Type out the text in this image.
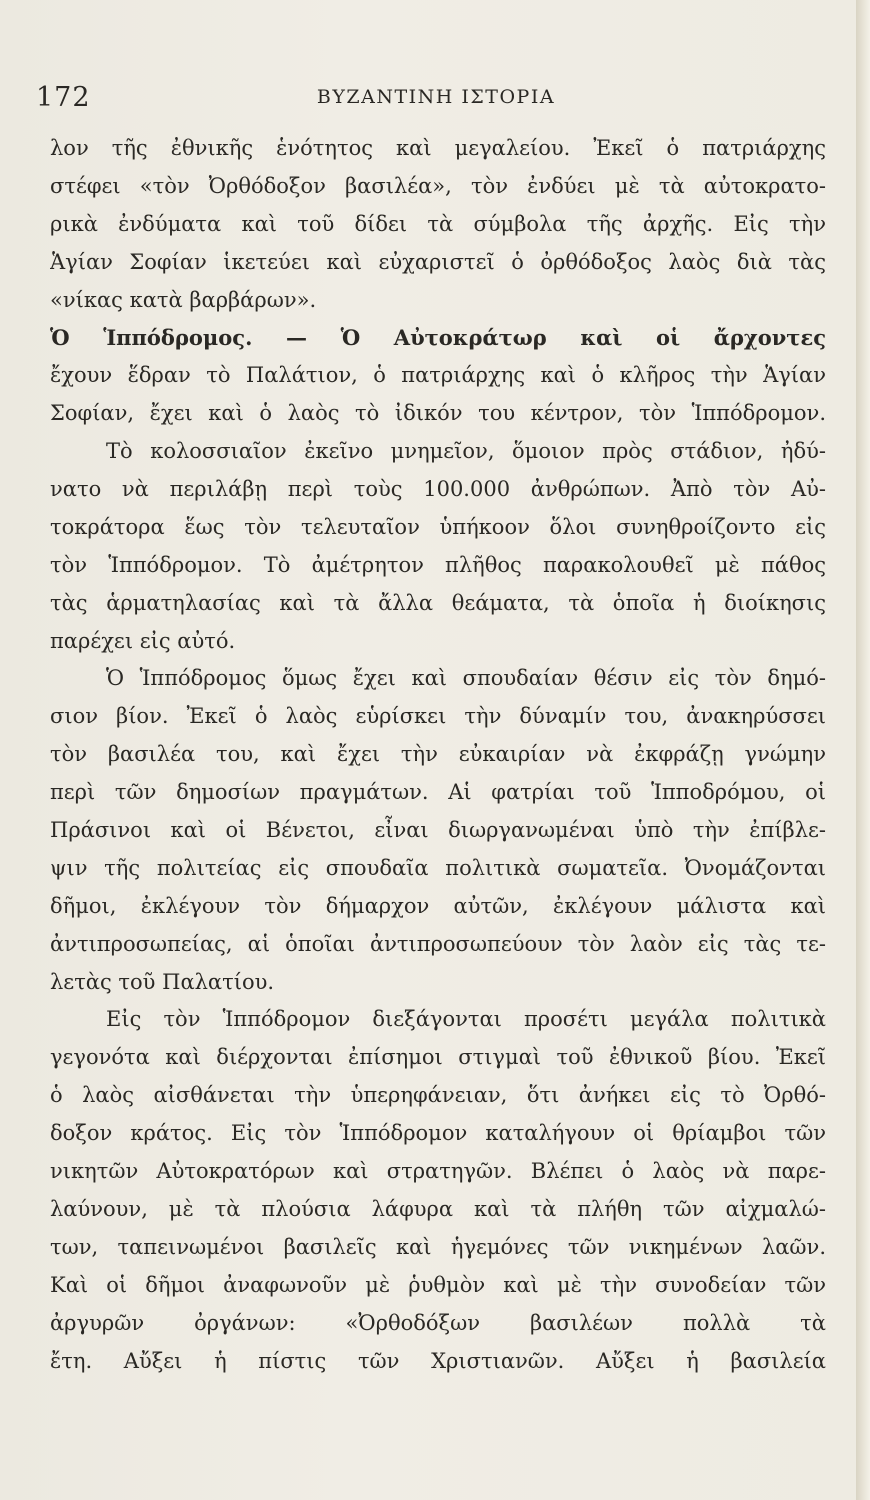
172	ΒΥΖΑΝΤΙΝΗ ΙΣΤΟΡΙΑ
λον τῆς ἐθνικῆς ἑνότητος καὶ μεγαλείου. Ἐκεῖ ὁ πατριάρχης
στέφει «τὸν Ὀρθόδοξον βασιλέα», τὸν ἐνδύει μὲ τὰ αὐτοκρατο-
ρικὰ ἐνδύματα καὶ τοῦ δίδει τὰ σύμβολα τῆς ἀρχῆς. Εἰς τὴν
Ἁγίαν Σοφίαν ἱκετεύει καὶ εὐχαριστεῖ ὁ ὀρθόδοξος λαὸς διὰ τὰς
«νίκας κατὰ βαρβάρων».
Ὁ Ἱππόδρομος. — Ὁ Αὐτοκράτωρ καὶ οἱ ἄρχοντες
ἔχουν ἕδραν τὸ Παλάτιον, ὁ πατριάρχης καὶ ὁ κλῆρος τὴν Ἁγίαν
Σοφίαν, ἔχει καὶ ὁ λαὸς τὸ ἰδικόν του κέντρον, τὸν Ἱππόδρομον.
Τὸ κολοσσιαῖον ἐκεῖνο μνημεῖον, ὅμοιον πρὸς στάδιον, ἠδύ-
νατο νὰ περιλάβῃ περὶ τοὺς 100.000 ἀνθρώπων. Ἀπὸ τὸν Αὐ-
τοκράτορα ἕως τὸν τελευταῖον ὑπήκοον ὅλοι συνηθροίζοντο εἰς
τὸν Ἱππόδρομον. Τὸ ἀμέτρητον πλῆθος παρακολουθεῖ μὲ πάθος
τὰς ἁρματηλασίας καὶ τὰ ἄλλα θεάματα, τὰ ὁποῖα ἡ διοίκησις
παρέχει εἰς αὐτό.
Ὁ Ἱππόδρομος ὅμως ἔχει καὶ σπουδαίαν θέσιν εἰς τὸν δημό-
σιον βίον. Ἐκεῖ ὁ λαὸς εὑρίσκει τὴν δύναμίν του, ἀνακηρύσσει
τὸν βασιλέα του, καὶ ἔχει τὴν εὐκαιρίαν νὰ ἐκφράζῃ γνώμην
περὶ τῶν δημοσίων πραγμάτων. Αἱ φατρίαι τοῦ Ἱπποδρόμου, οἱ
Πράσινοι καὶ οἱ Βένετοι, εἶναι διωργανωμέναι ὑπὸ τὴν ἐπίβλε-
ψιν τῆς πολιτείας εἰς σπουδαῖα πολιτικὰ σωματεῖα. Ὀνομάζονται
δῆμοι, ἐκλέγουν τὸν δήμαρχον αὐτῶν, ἐκλέγουν μάλιστα καὶ
ἀντιπροσωπείας, αἱ ὁποῖαι ἀντιπροσωπεύουν τὸν λαὸν εἰς τὰς τε-
λετὰς τοῦ Παλατίου.
Εἰς τὸν Ἱππόδρομον διεξάγονται προσέτι μεγάλα πολιτικὰ
γεγονότα καὶ διέρχονται ἐπίσημοι στιγμαὶ τοῦ ἐθνικοῦ βίου. Ἐκεῖ
ὁ λαὸς αἰσθάνεται τὴν ὑπερηφάνειαν, ὅτι ἀνήκει εἰς τὸ Ὀρθό-
δοξον κράτος. Εἰς τὸν Ἱππόδρομον καταλήγουν οἱ θρίαμβοι τῶν
νικητῶν Αὐτοκρατόρων καὶ στρατηγῶν. Βλέπει ὁ λαὸς νὰ παρε-
λαύνουν, μὲ τὰ πλούσια λάφυρα καὶ τὰ πλήθη τῶν αἰχμαλώ-
των, ταπεινωμένοι βασιλεῖς καὶ ἡγεμόνες τῶν νικημένων λαῶν.
Καὶ οἱ δῆμοι ἀναφωνοῦν μὲ ῥυθμὸν καὶ μὲ τὴν συνοδείαν τῶν
ἀργυρῶν ὀργάνων: «Ὀρθοδόξων βασιλέων πολλὰ τὰ
ἔτη. Αὔξει ἡ πίστις τῶν Χριστιανῶν. Αὔξει ἡ βασιλεία
